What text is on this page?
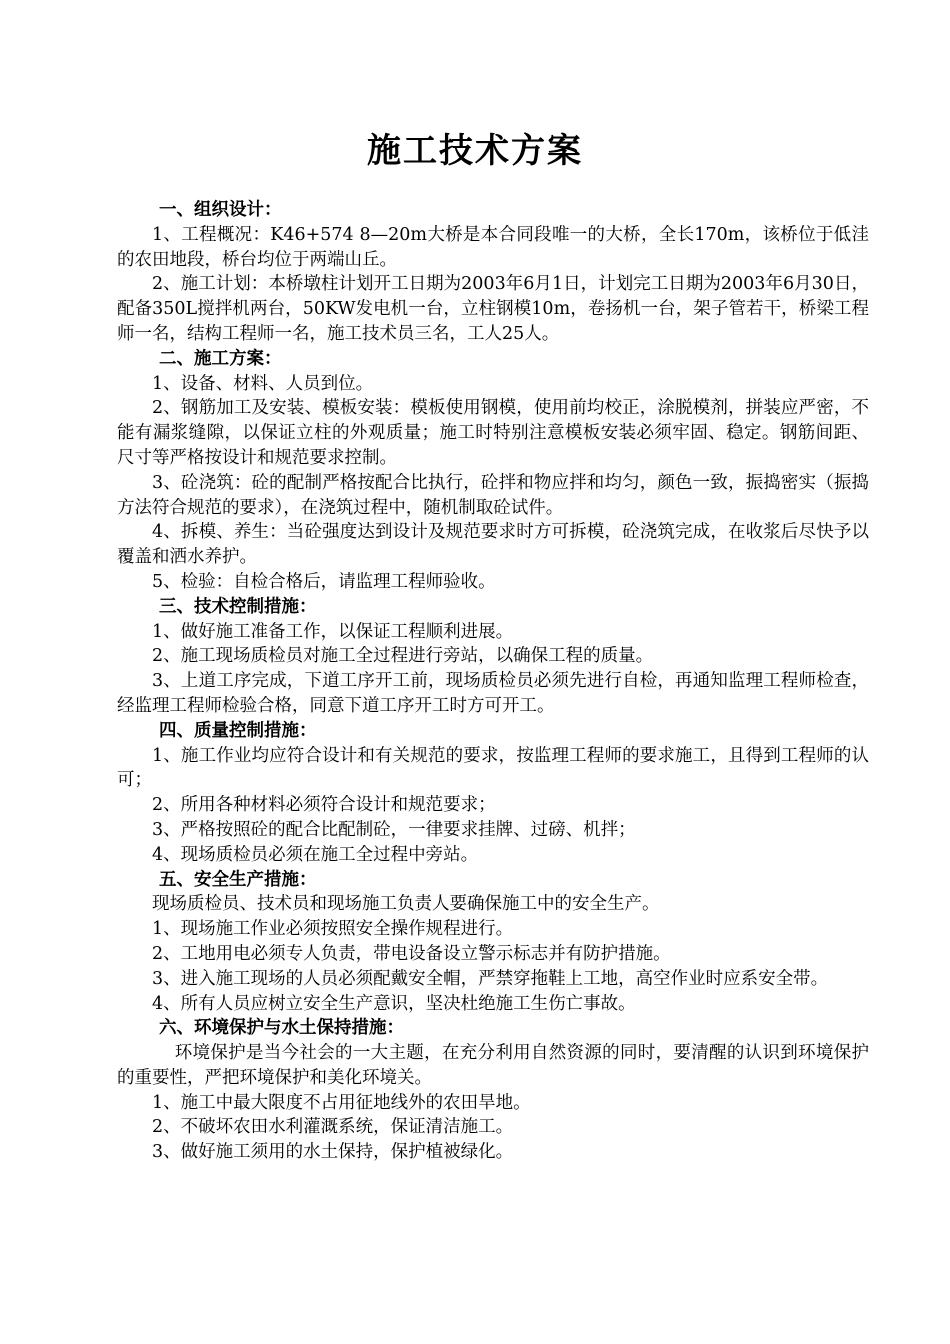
施工技术方案

一、组织设计：

1、工程概况：K46+574 8—20m大桥是本合同段唯一的大桥，全长170m，该桥位于低洼的农田地段，桥台均位于两端山丘。

2、施工计划：本桥墩柱计划开工日期为2003年6月1日，计划完工日期为2003年6月30日，配备350L搅拌机两台，50KW发电机一台，立柱钢模10m，卷扬机一台，架子管若干，桥梁工程师一名，结构工程师一名，施工技术员三名，工人25人。

二、施工方案：

1、设备、材料、人员到位。

2、钢筋加工及安装、模板安装：模板使用钢模，使用前均校正，涂脱模剂，拼装应严密，不能有漏浆缝隙，以保证立柱的外观质量；施工时特别注意模板安装必须牢固、稳定。钢筋间距、尺寸等严格按设计和规范要求控制。

3、砼浇筑：砼的配制严格按配合比执行，砼拌和物应拌和均匀，颜色一致，振捣密实（振捣方法符合规范的要求），在浇筑过程中，随机制取砼试件。

4、拆模、养生：当砼强度达到设计及规范要求时方可拆模，砼浇筑完成，在收浆后尽快予以覆盖和洒水养护。

5、检验：自检合格后，请监理工程师验收。

三、技术控制措施：

1、做好施工准备工作，以保证工程顺利进展。

2、施工现场质检员对施工全过程进行旁站，以确保工程的质量。

3、上道工序完成，下道工序开工前，现场质检员必须先进行自检，再通知监理工程师检查，经监理工程师检验合格，同意下道工序开工时方可开工。

四、质量控制措施：

1、施工作业均应符合设计和有关规范的要求，按监理工程师的要求施工，且得到工程师的认可；

2、所用各种材料必须符合设计和规范要求；

3、严格按照砼的配合比配制砼，一律要求挂牌、过磅、机拌；

4、现场质检员必须在施工全过程中旁站。

五、安全生产措施：

现场质检员、技术员和现场施工负责人要确保施工中的安全生产。

1、现场施工作业必须按照安全操作规程进行。

2、工地用电必须专人负责，带电设备设立警示标志并有防护措施。

3、进入施工现场的人员必须配戴安全帽，严禁穿拖鞋上工地，高空作业时应系安全带。

4、所有人员应树立安全生产意识，坚决杜绝施工生伤亡事故。

六、环境保护与水土保持措施：

环境保护是当今社会的一大主题，在充分利用自然资源的同时，要清醒的认识到环境保护的重要性，严把环境保护和美化环境关。

1、施工中最大限度不占用征地线外的农田旱地。

2、不破坏农田水利灌溉系统，保证清洁施工。

3、做好施工须用的水土保持，保护植被绿化。
